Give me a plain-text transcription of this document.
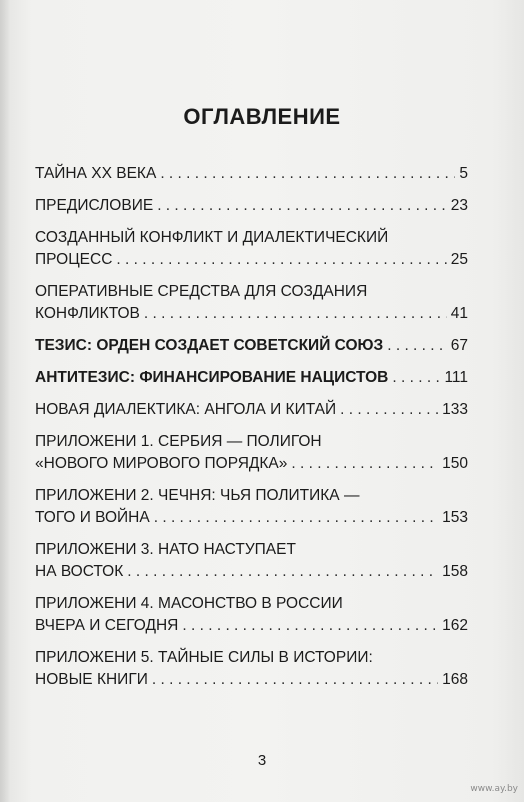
ОГЛАВЛЕНИЕ
ТАЙНА XX ВЕКА . . .	5
ПРЕДИСЛОВИЕ . . .	23
СОЗДАННЫЙ КОНФЛИКТ И ДИАЛЕКТИЧЕСКИЙ
ПРОЦЕСС . . .	25
ОПЕРАТИВНЫЕ СРЕДСТВА ДЛЯ СОЗДАНИЯ
КОНФЛИКТОВ . . .	41
ТЕЗИС: ОРДЕН СОЗДАЕТ СОВЕТСКИЙ СОЮЗ . . .	67
АНТИТЕЗИС: ФИНАНСИРОВАНИЕ НАЦИСТОВ . . .	111
НОВАЯ ДИАЛЕКТИКА: АНГОЛА И КИТАЙ . . .	133
ПРИЛОЖЕНИ 1. СЕРБИЯ — ПОЛИГОН
«НОВОГО МИРОВОГО ПОРЯДКА» . . .	150
ПРИЛОЖЕНИ 2. ЧЕЧНЯ: ЧЬЯ ПОЛИТИКА —
ТОГО И ВОЙНА . . .	153
ПРИЛОЖЕНИ 3. НАТО НАСТУПАЕТ
НА ВОСТОК . . .	158
ПРИЛОЖЕНИ 4. МАСОНСТВО В РОССИИ
ВЧЕРА И СЕГОДНЯ . . .	162
ПРИЛОЖЕНИ 5. ТАЙНЫЕ СИЛЫ В ИСТОРИИ:
НОВЫЕ КНИГИ . . .	168
3
www.ay.by
